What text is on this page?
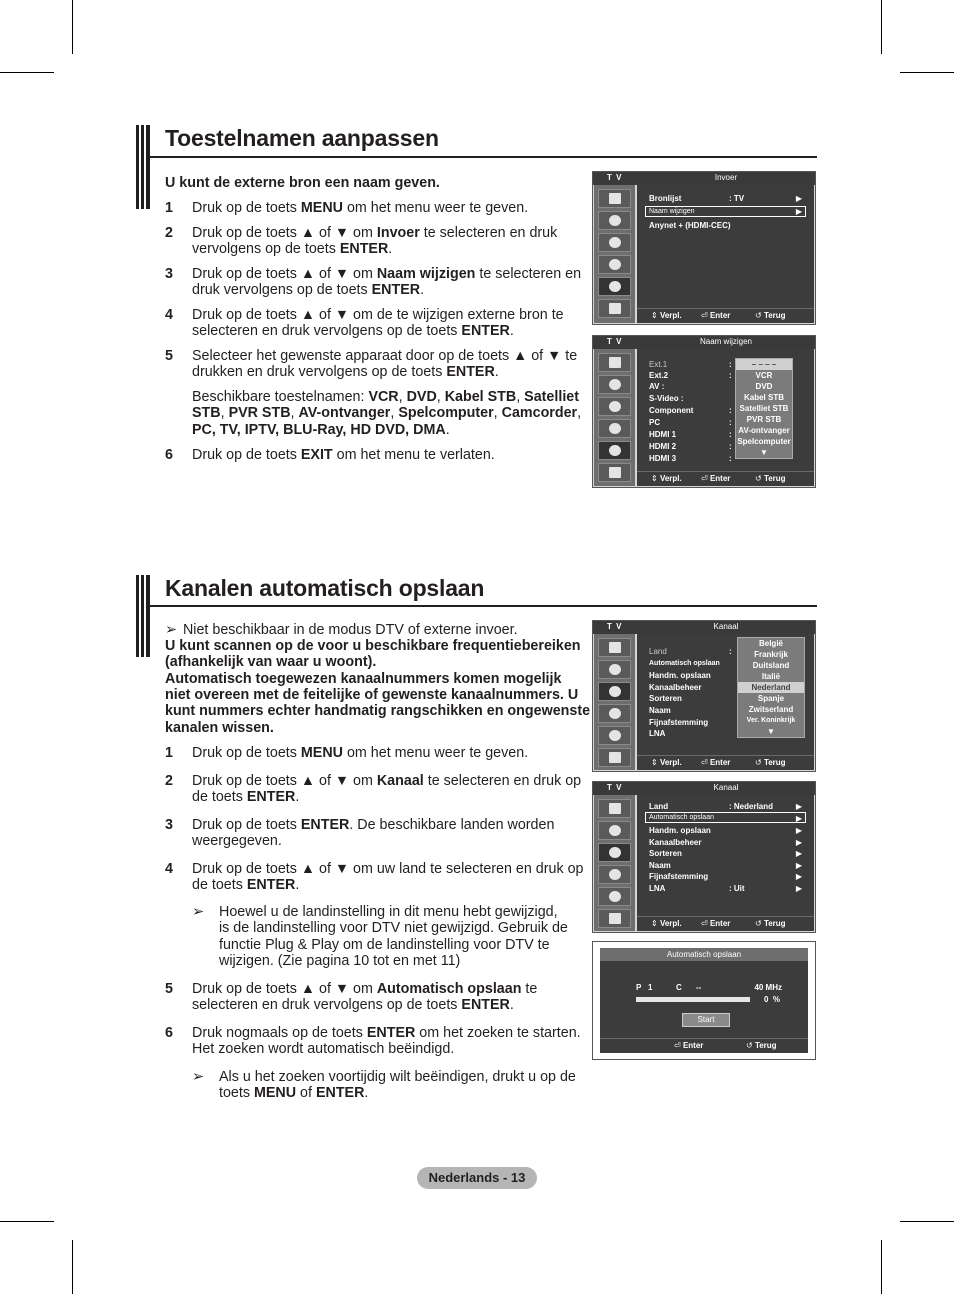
Toestelnamen aanpassen
U kunt de externe bron een naam geven.
1 Druk op de toets MENU om het menu weer te geven.
2 Druk op de toets ▲ of ▼ om Invoer te selecteren en druk
vervolgens op de toets ENTER.
3 Druk op de toets ▲ of ▼ om Naam wijzigen te selecteren en
druk vervolgens op de toets ENTER.
4 Druk op de toets ▲ of ▼ om de te wijzigen externe bron te
selecteren en druk vervolgens op de toets ENTER.
5 Selecteer het gewenste apparaat door op de toets ▲ of ▼ te
drukken en druk vervolgens op de toets ENTER.
Beschikbare toestelnamen: VCR, DVD, Kabel STB, Satelliet
STB, PVR STB, AV-ontvanger, Spelcomputer, Camcorder,
PC, TV, IPTV, BLU-Ray, HD DVD, DMA.
6 Druk op de toets EXIT om het menu te verlaten.
Kanalen automatisch opslaan
➢ Niet beschikbaar in de modus DTV of externe invoer.
U kunt scannen op de voor u beschikbare frequentiebereiken
(afhankelijk van waar u woont).
Automatisch toegewezen kanaalnummers komen mogelijk
niet overeen met de feitelijke of gewenste kanaalnummers. U
kunt nummers echter handmatig rangschikken en ongewenste
kanalen wissen.
1 Druk op de toets MENU om het menu weer te geven.
2 Druk op de toets ▲ of ▼ om Kanaal te selecteren en druk op
de toets ENTER.
3 Druk op de toets ENTER. De beschikbare landen worden
weergegeven.
4 Druk op de toets ▲ of ▼ om uw land te selecteren en druk op
de toets ENTER.
5 Druk op de toets ▲ of ▼ om Automatisch opslaan te
selecteren en druk vervolgens op de toets ENTER.
6 Druk nogmaals op de toets ENTER om het zoeken te starten.
Het zoeken wordt automatisch beëindigd.
➢ Hoewel u de landinstelling in dit menu hebt gewijzigd,
is de landinstelling voor DTV niet gewijzigd. Gebruik de
functie Plug & Play om de landinstelling voor DTV te
wijzigen. (Zie pagina 10 tot en met 11)
➢ Als u het zoeken voortijdig wilt beëindigen, drukt u op de
toets MENU of ENTER.
T V	Invoer
Bronlijst	: TV	▶
Naam wijzigen	▶
Anynet + (HDMI-CEC)
⇕ Verpl. ⏎ Enter	↺ Terug
T V	Naam wijzigen
⇕ Verpl. ⏎ Enter	↺ Terug
Ext.1	:
Ext.2	:
AV :
S-Video :
Component	:
PC	:
HDMI 1	:
HDMI 2	:
HDMI 3	:
– – – –
VCR
DVD
Kabel STB
Satelliet STB
PVR STB
AV-ontvanger
Spelcomputer
▼
T V	Kanaal
⇕ Verpl. ⏎ Enter	↺ Terug
Land
Automatisch opslaan
Handm. opslaan
Kanaalbeheer
Sorteren
Naam
Fijnafstemming
LNA
:
België
Frankrijk
Duitsland
Italië
Nederland
Spanje
Zwitserland
Ver. Koninkrijk
▼
T V	Kanaal
⇕ Verpl. ⏎ Enter	↺ Terug
Land	: Nederland	▶
Automatisch opslaan	▶
Handm. opslaan	▶
Kanaalbeheer	▶
Sorteren	▶
Naam	▶
Fijnafstemming	▶
LNA	: Uit	▶
Automatisch opslaan
P 1	C --	40 MHz
0  %
Start
⏎ Enter	↺ Terug
Nederlands - 13
